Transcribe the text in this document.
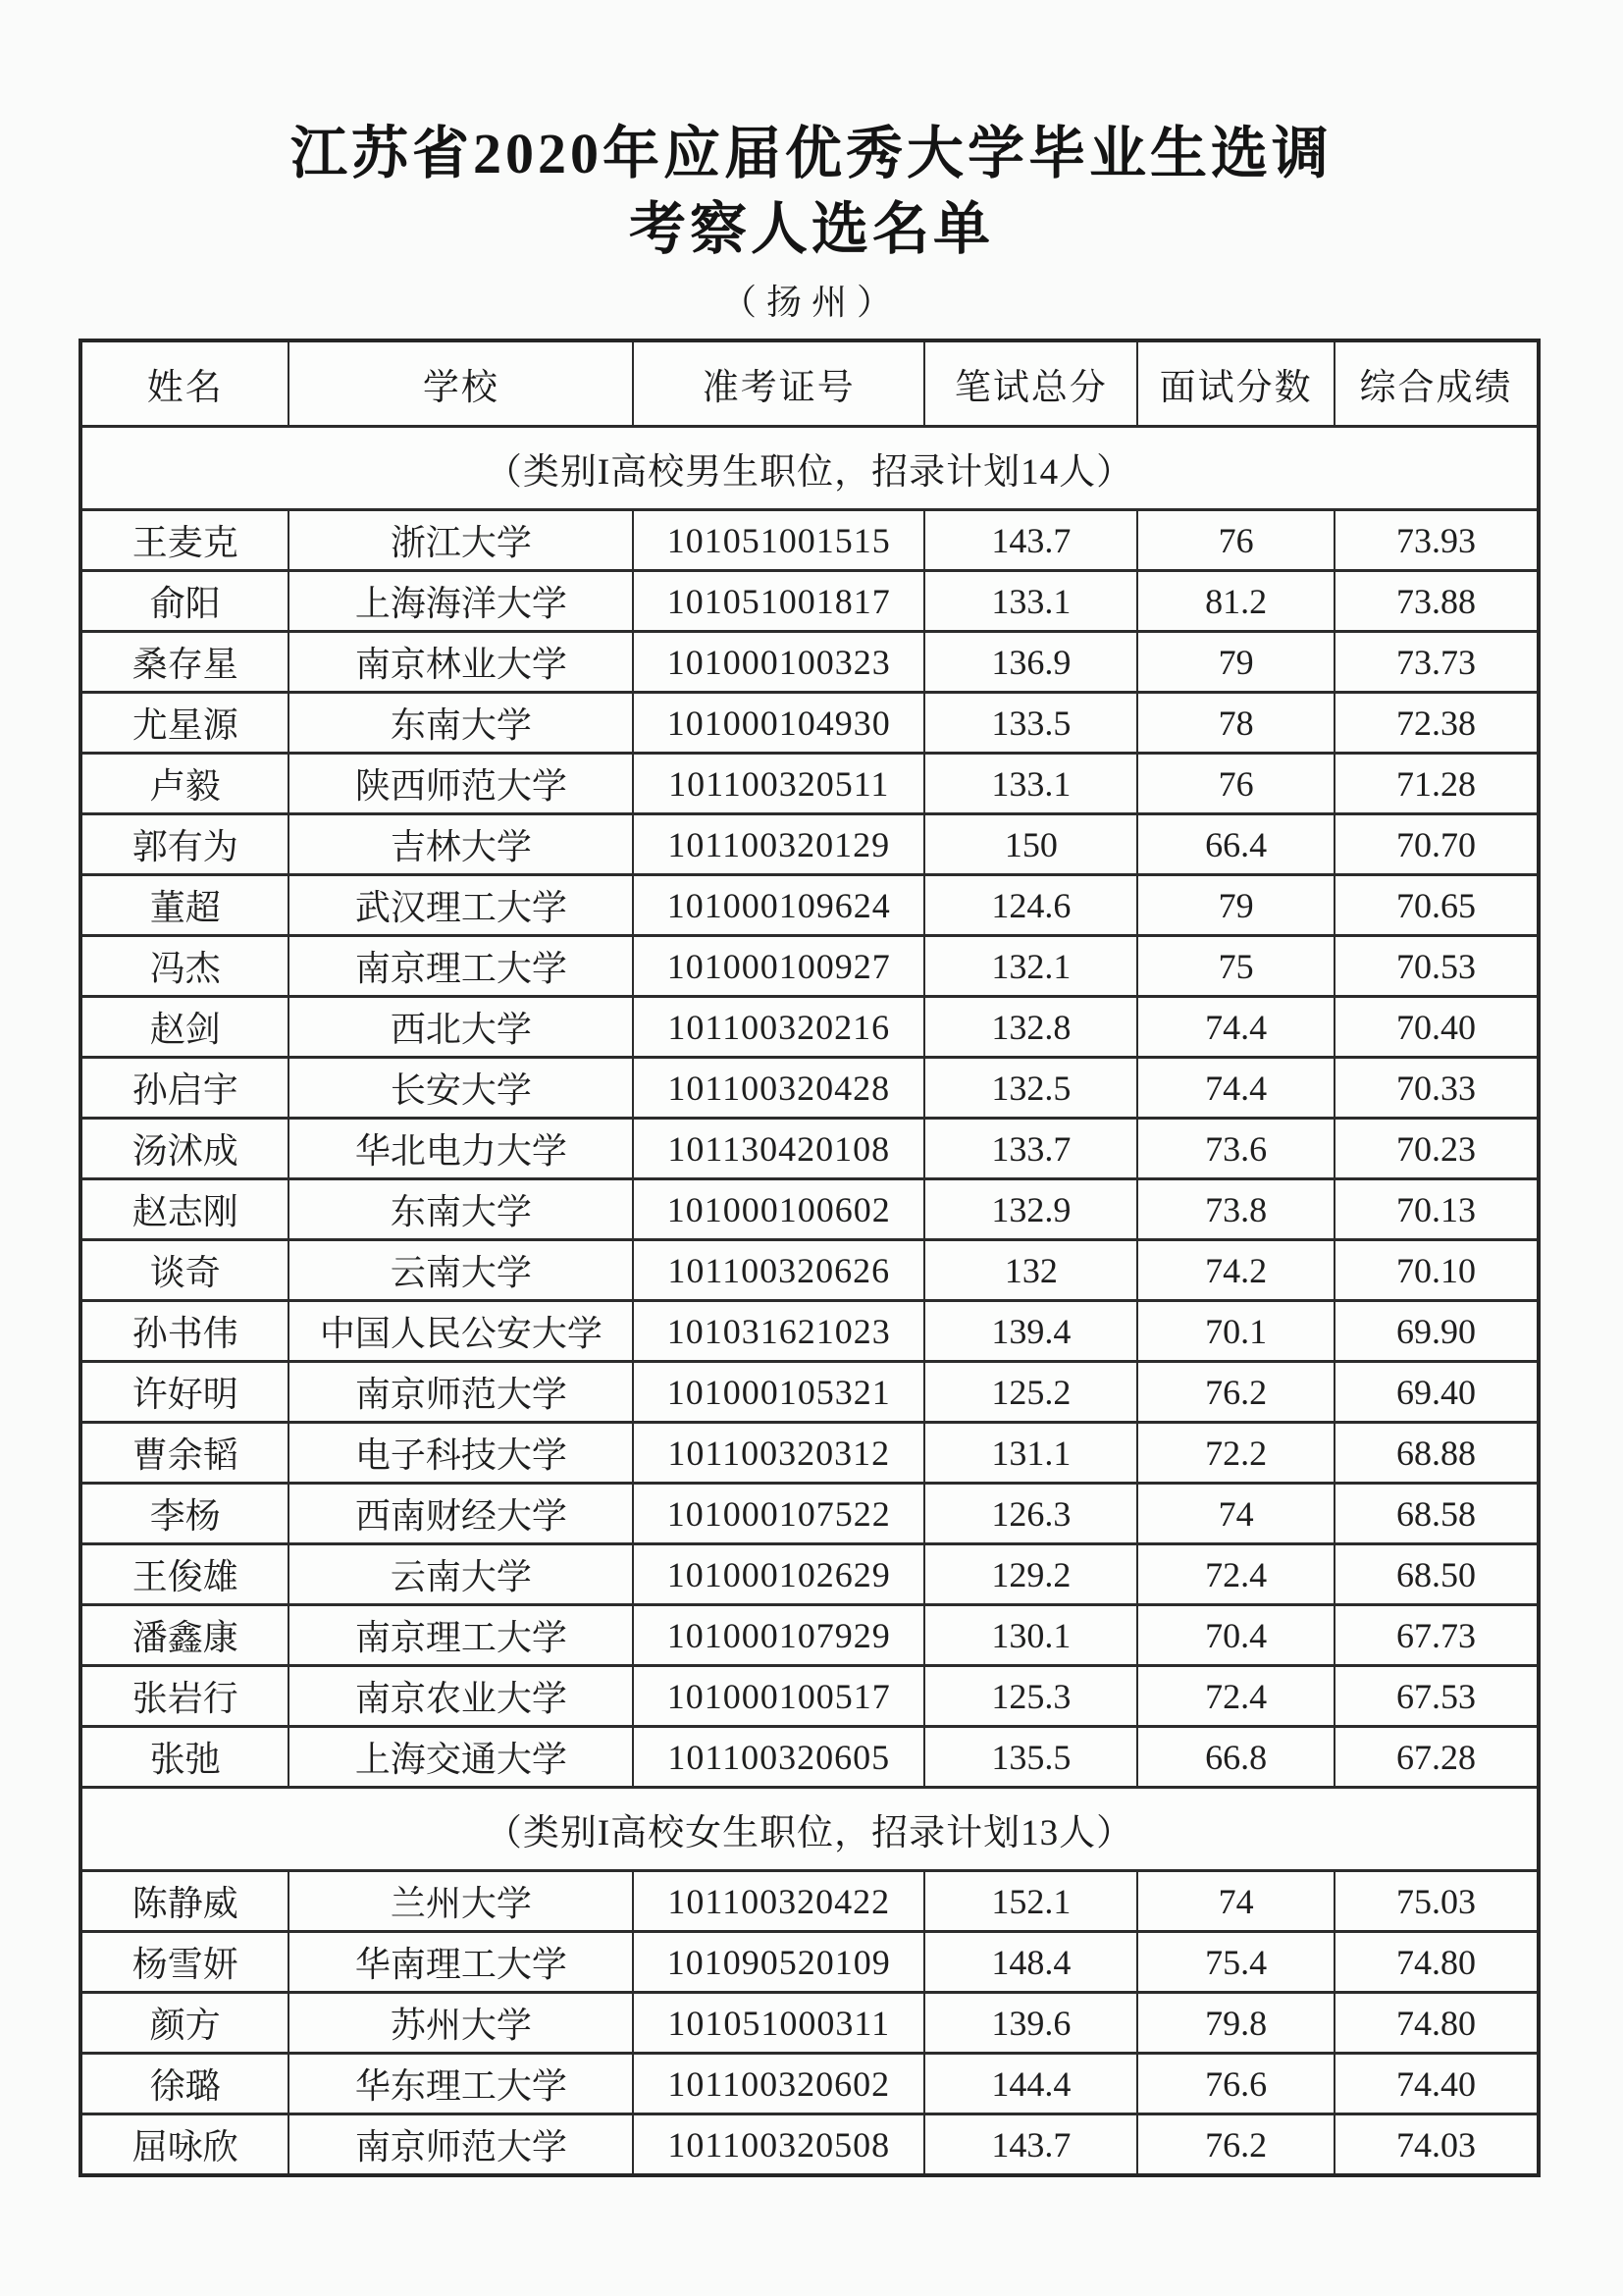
江苏省2020年应届优秀大学毕业生选调
考察人选名单
（扬州）
姓名	学校	准考证号	笔试总分	面试分数	综合成绩
（类别I高校男生职位，招录计划14人）					
王麦克	浙江大学	101051001515	143.7	76	73.93
俞阳	上海海洋大学	101051001817	133.1	81.2	73.88
桑存星	南京林业大学	101000100323	136.9	79	73.73
尤星源	东南大学	101000104930	133.5	78	72.38
卢毅	陕西师范大学	101100320511	133.1	76	71.28
郭有为	吉林大学	101100320129	150	66.4	70.70
董超	武汉理工大学	101000109624	124.6	79	70.65
冯杰	南京理工大学	101000100927	132.1	75	70.53
赵剑	西北大学	101100320216	132.8	74.4	70.40
孙启宇	长安大学	101100320428	132.5	74.4	70.33
汤沭成	华北电力大学	101130420108	133.7	73.6	70.23
赵志刚	东南大学	101000100602	132.9	73.8	70.13
谈奇	云南大学	101100320626	132	74.2	70.10
孙书伟	中国人民公安大学	101031621023	139.4	70.1	69.90
许好明	南京师范大学	101000105321	125.2	76.2	69.40
曹余韬	电子科技大学	101100320312	131.1	72.2	68.88
李杨	西南财经大学	101000107522	126.3	74	68.58
王俊雄	云南大学	101000102629	129.2	72.4	68.50
潘鑫康	南京理工大学	101000107929	130.1	70.4	67.73
张岩行	南京农业大学	101000100517	125.3	72.4	67.53
张弛	上海交通大学	101100320605	135.5	66.8	67.28
（类别I高校女生职位，招录计划13人）					
陈静威	兰州大学	101100320422	152.1	74	75.03
杨雪妍	华南理工大学	101090520109	148.4	75.4	74.80
颜方	苏州大学	101051000311	139.6	79.8	74.80
徐璐	华东理工大学	101100320602	144.4	76.6	74.40
屈咏欣	南京师范大学	101100320508	143.7	76.2	74.03
